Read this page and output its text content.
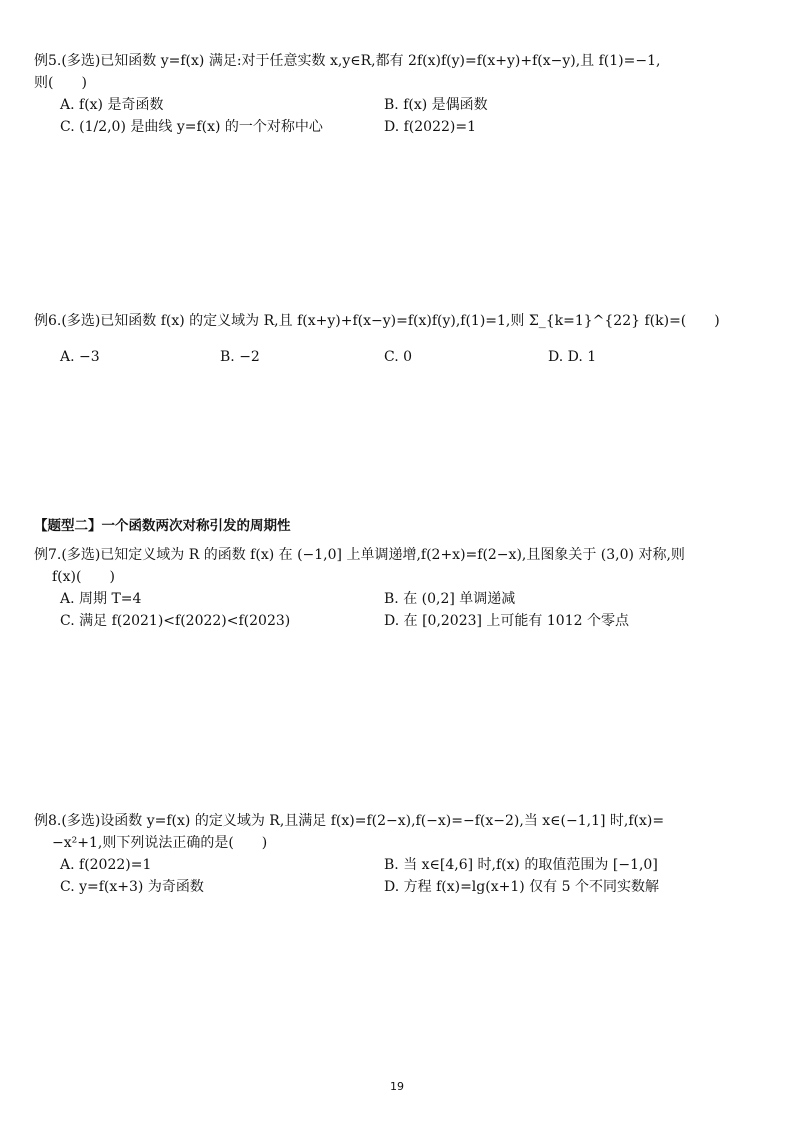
例5.(多选)已知函数 y=f(x) 满足:对于任意实数 x,y∈R,都有 2f(x)f(y)=f(x+y)+f(x−y),且 f(1)=−1,
则(　　)
A. f(x) 是奇函数	B. f(x) 是偶函数
C. (1/2,0) 是曲线 y=f(x) 的一个对称中心	D. f(2022)=1
例6.(多选)已知函数 f(x) 的定义域为 R,且 f(x+y)+f(x−y)=f(x)f(y),f(1)=1,则 Σ_{k=1}^{22} f(k)=(　　)
A. −3	B. −2	C. 0	D. D. 1
【题型二】一个函数两次对称引发的周期性
例7.(多选)已知定义域为 R 的函数 f(x) 在 (−1,0] 上单调递增,f(2+x)=f(2−x),且图象关于 (3,0) 对称,则
f(x)(　　)
A. 周期 T=4	B. 在 (0,2] 单调递减
C. 满足 f(2021)<f(2022)<f(2023)	D. 在 [0,2023] 上可能有 1012 个零点
例8.(多选)设函数 y=f(x) 的定义域为 R,且满足 f(x)=f(2−x),f(−x)=−f(x−2),当 x∈(−1,1] 时,f(x)=
−x²+1,则下列说法正确的是(　　)
A. f(2022)=1	B. 当 x∈[4,6] 时,f(x) 的取值范围为 [−1,0]
C. y=f(x+3) 为奇函数	D. 方程 f(x)=lg(x+1) 仅有 5 个不同实数解
19
